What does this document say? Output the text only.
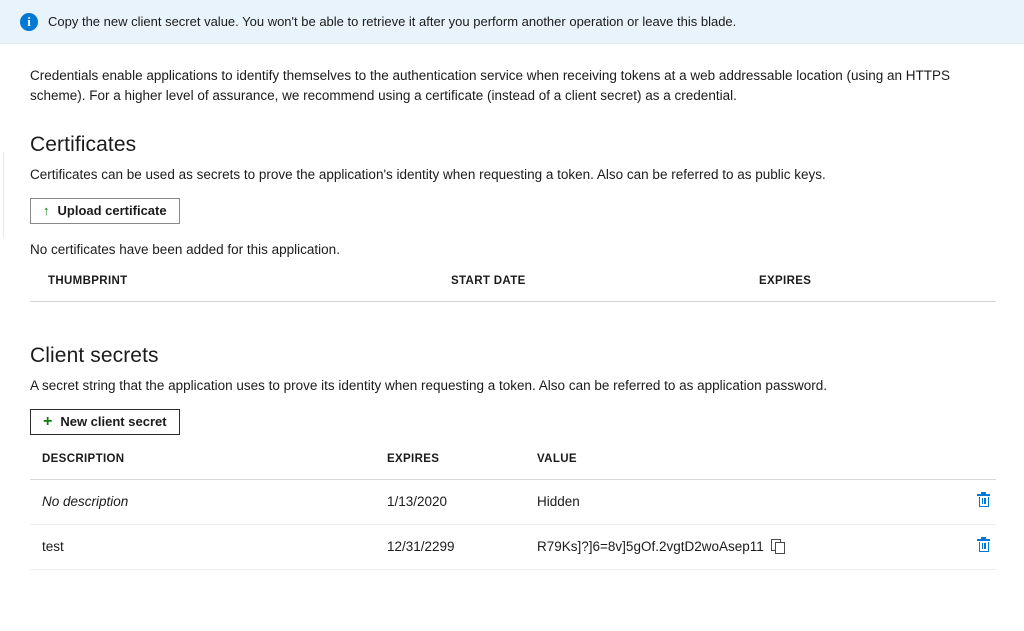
i	Copy the new client secret value. You won't be able to retrieve it after you perform another operation or leave this blade.

Credentials enable applications to identify themselves to the authentication service when receiving tokens at a web addressable location (using an HTTPS scheme). For a higher level of assurance, we recommend using a certificate (instead of a client secret) as a credential.

Certificates

Certificates can be used as secrets to prove the application's identity when requesting a token. Also can be referred to as public keys.

↑ Upload certificate

No certificates have been added for this application.

THUMBPRINT	START DATE	EXPIRES
Client secrets

A secret string that the application uses to prove its identity when requesting a token. Also can be referred to as application password.

+ New client secret
DESCRIPTION	EXPIRES	VALUE	
No description	1/13/2020	Hidden	

test	12/31/2299	R79Ks]?]6=8v]5gOf.2vgtD2woAsep11	
